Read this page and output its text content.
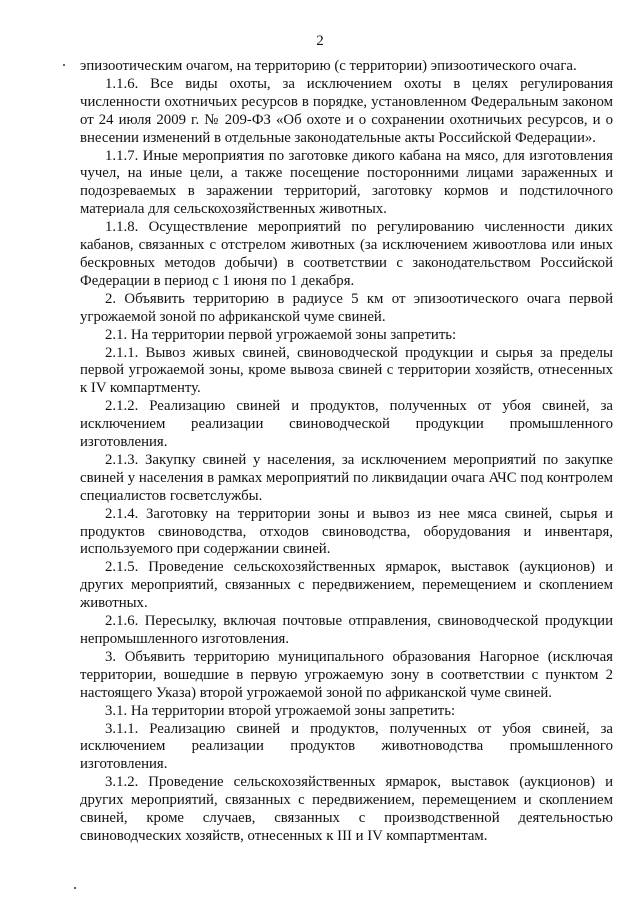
2

эпизоотическим очагом, на территорию (с территории) эпизоотического очага.

1.1.6. Все виды охоты, за исключением охоты в целях регулирования численности охотничьих ресурсов в порядке, установленном Федеральным законом от 24 июля 2009 г. № 209-ФЗ «Об охоте и о сохранении охотничьих ресурсов, и о внесении изменений в отдельные законодательные акты Российской Федерации».

1.1.7. Иные мероприятия по заготовке дикого кабана на мясо, для изготовления чучел, на иные цели, а также посещение посторонними лицами зараженных и подозреваемых в заражении территорий, заготовку кормов и подстилочного материала для сельскохозяйственных животных.

1.1.8. Осуществление мероприятий по регулированию численности диких кабанов, связанных с отстрелом животных (за исключением живоотлова или иных бескровных методов добычи) в соответствии с законодательством Российской Федерации в период с 1 июня по 1 декабря.

2. Объявить территорию в радиусе 5 км от эпизоотического очага первой угрожаемой зоной по африканской чуме свиней.

2.1. На территории первой угрожаемой зоны запретить:

2.1.1. Вывоз живых свиней, свиноводческой продукции и сырья за пределы первой угрожаемой зоны, кроме вывоза свиней с территории хозяйств, отнесенных к IV компартменту.

2.1.2. Реализацию свиней и продуктов, полученных от убоя свиней, за исключением реализации свиноводческой продукции промышленного изготовления.

2.1.3. Закупку свиней у населения, за исключением мероприятий по закупке свиней у населения в рамках мероприятий по ликвидации очага АЧС под контролем специалистов госветслужбы.

2.1.4. Заготовку на территории зоны и вывоз из нее мяса свиней, сырья и продуктов свиноводства, отходов свиноводства, оборудования и инвентаря, используемого при содержании свиней.

2.1.5. Проведение сельскохозяйственных ярмарок, выставок (аукционов) и других мероприятий, связанных с передвижением, перемещением и скоплением животных.

2.1.6. Пересылку, включая почтовые отправления, свиноводческой продукции непромышленного изготовления.

3. Объявить территорию муниципального образования Нагорное (исключая территории, вошедшие в первую угрожаемую зону в соответствии с пунктом 2 настоящего Указа) второй угрожаемой зоной по африканской чуме свиней.

3.1. На территории второй угрожаемой зоны запретить:

3.1.1. Реализацию свиней и продуктов, полученных от убоя свиней, за исключением реализации продуктов животноводства промышленного изготовления.

3.1.2. Проведение сельскохозяйственных ярмарок, выставок (аукционов) и других мероприятий, связанных с передвижением, перемещением и скоплением свиней, кроме случаев, связанных с производственной деятельностью свиноводческих хозяйств, отнесенных к III и IV компартментам.
